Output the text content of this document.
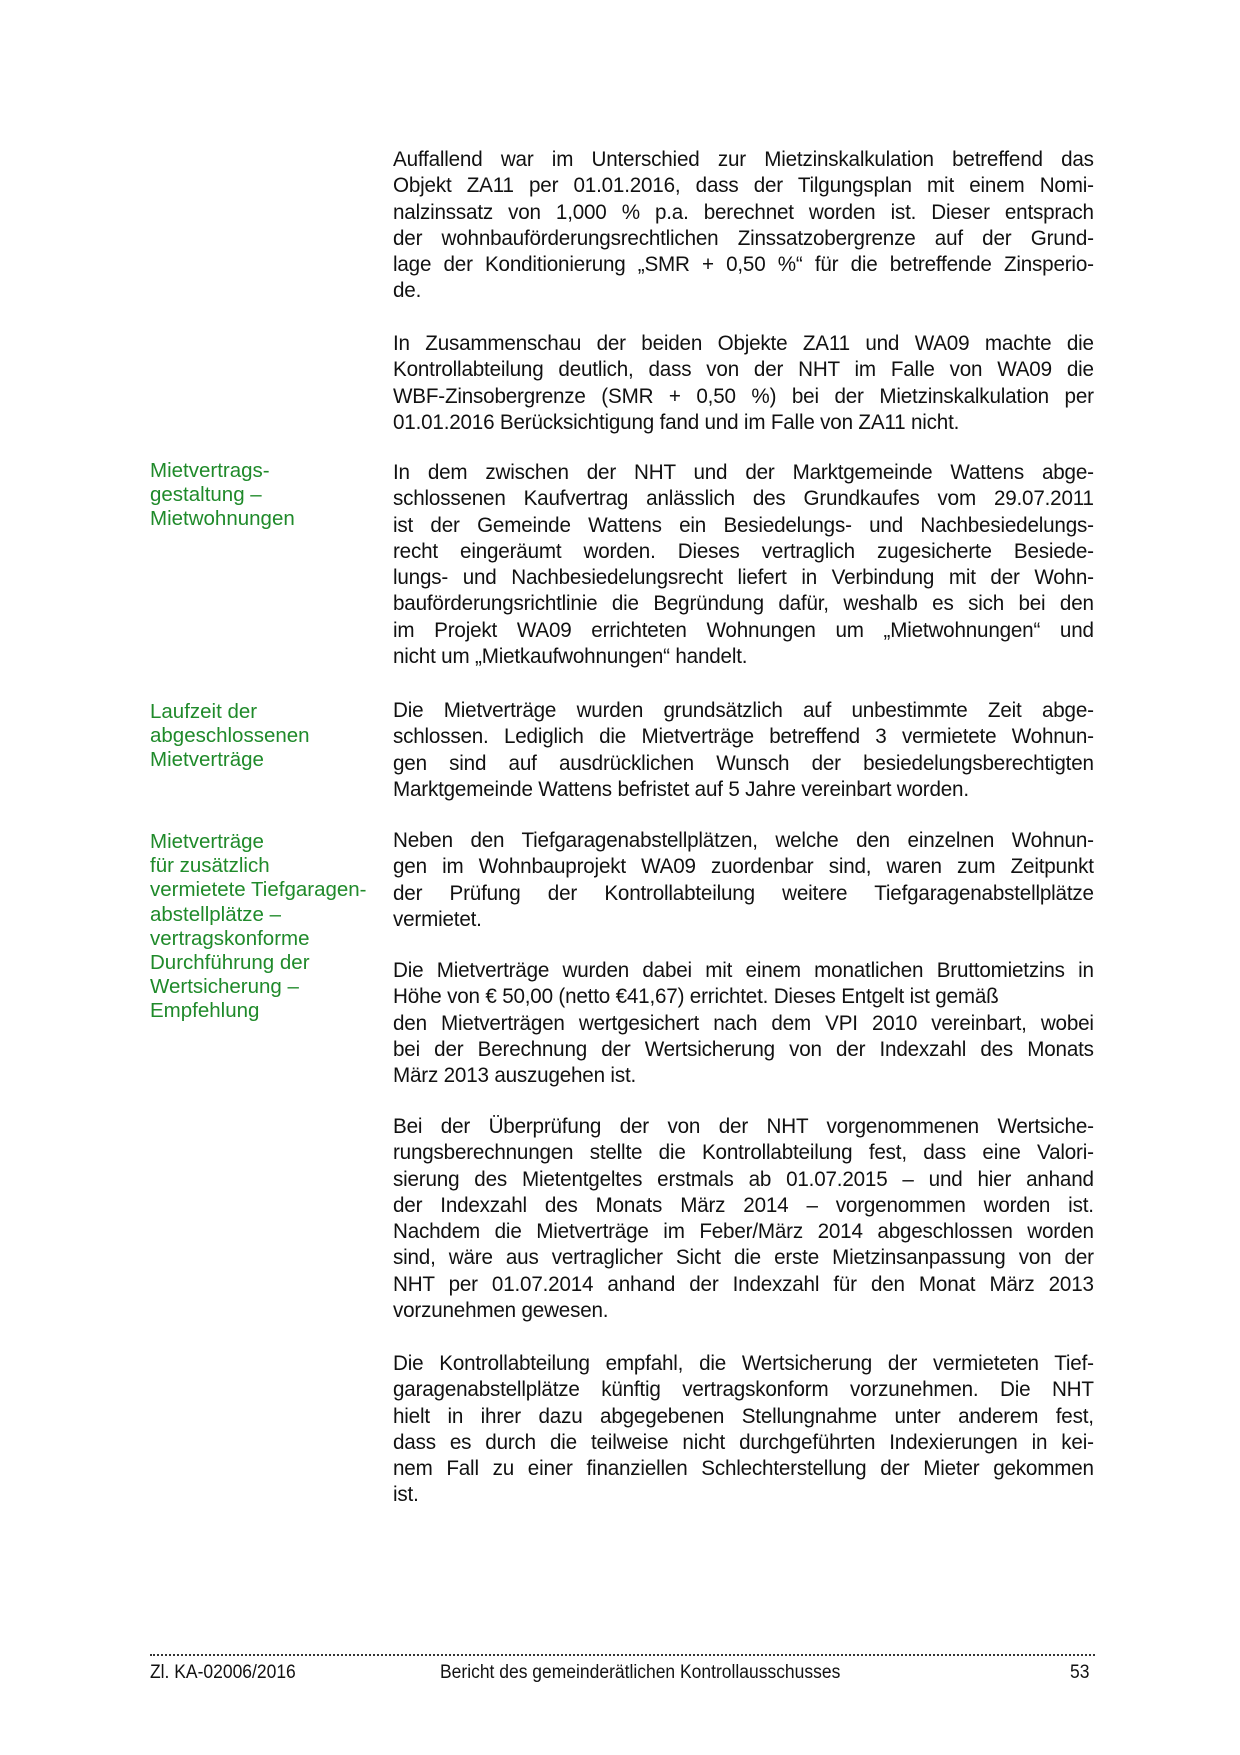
Mietvertrags-
gestaltung –
Mietwohnungen
Laufzeit der
abgeschlossenen
Mietverträge
Mietverträge
für zusätzlich
vermietete Tiefgaragen-
abstellplätze –
vertragskonforme
Durchführung der
Wertsicherung –
Empfehlung
Auffallend war im Unterschied zur Mietzinskalkulation betreffend das
Objekt ZA11 per 01.01.2016, dass der Tilgungsplan mit einem Nomi-
nalzinssatz von 1,000 % p.a. berechnet worden ist. Dieser entsprach
der wohnbauförderungsrechtlichen Zinssatzobergrenze auf der Grund-
lage der Konditionierung „SMR + 0,50 %“ für die betreffende Zinsperio-
de.
In Zusammenschau der beiden Objekte ZA11 und WA09 machte die
Kontrollabteilung deutlich, dass von der NHT im Falle von WA09 die
WBF-Zinsobergrenze (SMR + 0,50 %) bei der Mietzinskalkulation per
01.01.2016 Berücksichtigung fand und im Falle von ZA11 nicht.
In dem zwischen der NHT und der Marktgemeinde Wattens abge-
schlossenen Kaufvertrag anlässlich des Grundkaufes vom 29.07.2011
ist der Gemeinde Wattens ein Besiedelungs- und Nachbesiedelungs-
recht eingeräumt worden. Dieses vertraglich zugesicherte Besiede-
lungs- und Nachbesiedelungsrecht liefert in Verbindung mit der Wohn-
bauförderungsrichtlinie die Begründung dafür, weshalb es sich bei den
im Projekt WA09 errichteten Wohnungen um „Mietwohnungen“ und
nicht um „Mietkaufwohnungen“ handelt.
Die Mietverträge wurden grundsätzlich auf unbestimmte Zeit abge-
schlossen. Lediglich die Mietverträge betreffend 3 vermietete Wohnun-
gen sind auf ausdrücklichen Wunsch der besiedelungsberechtigten
Marktgemeinde Wattens befristet auf 5 Jahre vereinbart worden.
Neben den Tiefgaragenabstellplätzen, welche den einzelnen Wohnun-
gen im Wohnbauprojekt WA09 zuordenbar sind, waren zum Zeitpunkt
der Prüfung der Kontrollabteilung weitere Tiefgaragenabstellplätze
vermietet.
Die Mietverträge wurden dabei mit einem monatlichen Bruttomietzins in
Höhe von € 50,00 (netto €41,67) errichtet. Dieses Entgelt ist gemäß
den Mietverträgen wertgesichert nach dem VPI 2010 vereinbart, wobei
bei der Berechnung der Wertsicherung von der Indexzahl des Monats
März 2013 auszugehen ist.
Bei der Überprüfung der von der NHT vorgenommenen Wertsiche-
rungsberechnungen stellte die Kontrollabteilung fest, dass eine Valori-
sierung des Mietentgeltes erstmals ab 01.07.2015 – und hier anhand
der Indexzahl des Monats März 2014 – vorgenommen worden ist.
Nachdem die Mietverträge im Feber/März 2014 abgeschlossen worden
sind, wäre aus vertraglicher Sicht die erste Mietzinsanpassung von der
NHT per 01.07.2014 anhand der Indexzahl für den Monat März 2013
vorzunehmen gewesen.
Die Kontrollabteilung empfahl, die Wertsicherung der vermieteten Tief-
garagenabstellplätze künftig vertragskonform vorzunehmen. Die NHT
hielt in ihrer dazu abgegebenen Stellungnahme unter anderem fest,
dass es durch die teilweise nicht durchgeführten Indexierungen in kei-
nem Fall zu einer finanziellen Schlechterstellung der Mieter gekommen
ist.
Zl. KA-02006/2016	Bericht des gemeinderätlichen Kontrollausschusses	53
